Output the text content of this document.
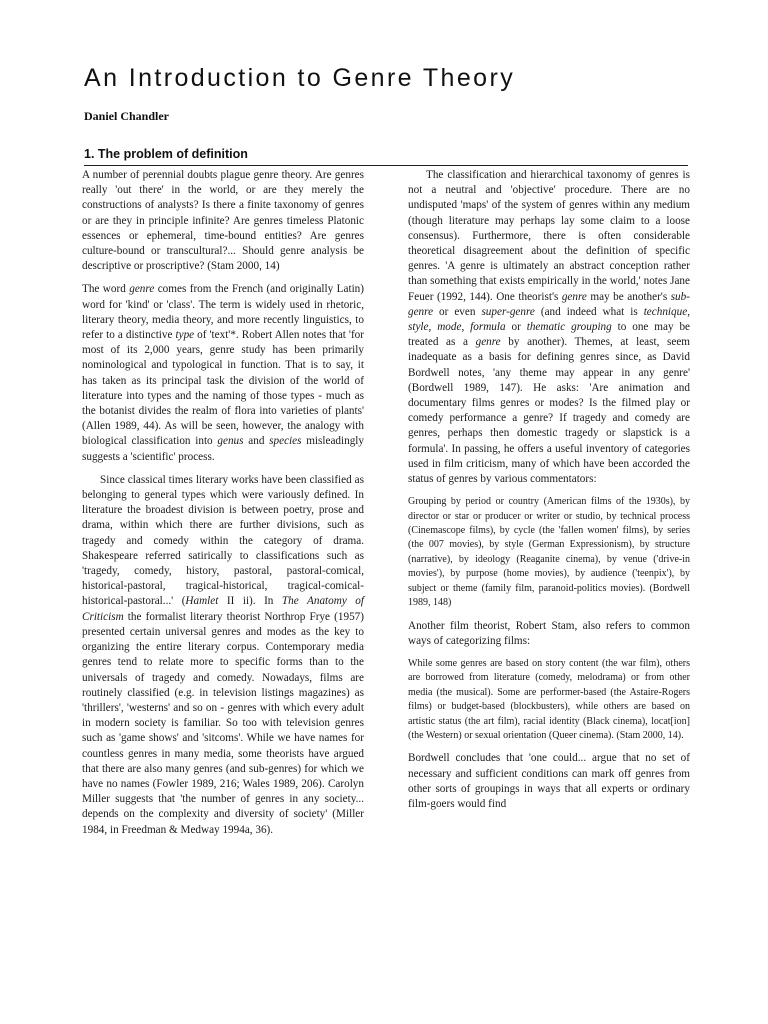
An Introduction to Genre Theory
Daniel Chandler
1. The problem of definition

A number of perennial doubts plague genre theory. Are genres really 'out there' in the world, or are they merely the constructions of analysts? Is there a finite taxonomy of genres or are they in principle infinite? Are genres timeless Platonic essences or ephemeral, time-bound entities? Are genres culture-bound or transcultural?... Should genre analysis be descriptive or proscriptive? (Stam 2000, 14)

The word genre comes from the French (and originally Latin) word for 'kind' or 'class'. The term is widely used in rhetoric, literary theory, media theory, and more recently linguistics, to refer to a distinctive type of 'text'*. Robert Allen notes that 'for most of its 2,000 years, genre study has been primarily nominological and typological in function. That is to say, it has taken as its principal task the division of the world of literature into types and the naming of those types - much as the botanist divides the realm of flora into varieties of plants' (Allen 1989, 44). As will be seen, however, the analogy with biological classification into genus and species misleadingly suggests a 'scientific' process.

Since classical times literary works have been classified as belonging to general types which were variously defined. In literature the broadest division is between poetry, prose and drama, within which there are further divisions, such as tragedy and comedy within the category of drama. Shakespeare referred satirically to classifications such as 'tragedy, comedy, history, pastoral, pastoral-comical, historical-pastoral, tragical-historical, tragical-comical-historical-pastoral...' (Hamlet II ii). In The Anatomy of Criticism the formalist literary theorist Northrop Frye (1957) presented certain universal genres and modes as the key to organizing the entire literary corpus. Contemporary media genres tend to relate more to specific forms than to the universals of tragedy and comedy. Nowadays, films are routinely classified (e.g. in television listings magazines) as 'thrillers', 'westerns' and so on - genres with which every adult in modern society is familiar. So too with television genres such as 'game shows' and 'sitcoms'. While we have names for countless genres in many media, some theorists have argued that there are also many genres (and sub-genres) for which we have no names (Fowler 1989, 216; Wales 1989, 206). Carolyn Miller suggests that 'the number of genres in any society... depends on the complexity and diversity of society' (Miller 1984, in Freedman & Medway 1994a, 36).

The classification and hierarchical taxonomy of genres is not a neutral and 'objective' procedure. There are no undisputed 'maps' of the system of genres within any medium (though literature may perhaps lay some claim to a loose consensus). Furthermore, there is often considerable theoretical disagreement about the definition of specific genres. 'A genre is ultimately an abstract conception rather than something that exists empirically in the world,' notes Jane Feuer (1992, 144). One theorist's genre may be another's sub-genre or even super-genre (and indeed what is technique, style, mode, formula or thematic grouping to one may be treated as a genre by another). Themes, at least, seem inadequate as a basis for defining genres since, as David Bordwell notes, 'any theme may appear in any genre' (Bordwell 1989, 147). He asks: 'Are animation and documentary films genres or modes? Is the filmed play or comedy performance a genre? If tragedy and comedy are genres, perhaps then domestic tragedy or slapstick is a formula'. In passing, he offers a useful inventory of categories used in film criticism, many of which have been accorded the status of genres by various commentators:

Grouping by period or country (American films of the 1930s), by director or star or producer or writer or studio, by technical process (Cinemascope films), by cycle (the 'fallen women' films), by series (the 007 movies), by style (German Expressionism), by structure (narrative), by ideology (Reaganite cinema), by venue ('drive-in movies'), by purpose (home movies), by audience ('teenpix'), by subject or theme (family film, paranoid-politics movies). (Bordwell 1989, 148)

Another film theorist, Robert Stam, also refers to common ways of categorizing films:

While some genres are based on story content (the war film), others are borrowed from literature (comedy, melodrama) or from other media (the musical). Some are performer-based (the Astaire-Rogers films) or budget-based (blockbusters), while others are based on artistic status (the art film), racial identity (Black cinema), locat[ion] (the Western) or sexual orientation (Queer cinema). (Stam 2000, 14).

Bordwell concludes that 'one could... argue that no set of necessary and sufficient conditions can mark off genres from other sorts of groupings in ways that all experts or ordinary film-goers would find
